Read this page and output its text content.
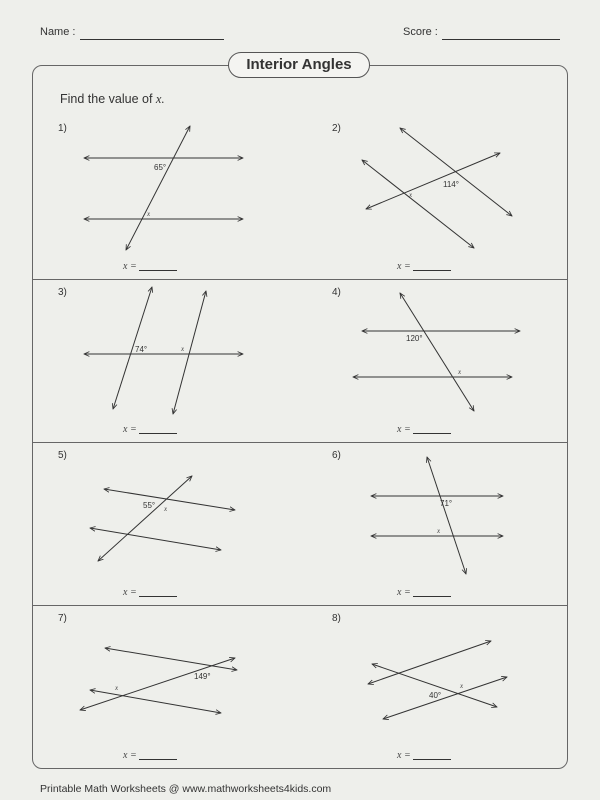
Name :	Score :
Interior Angles
Find the value of x.
1)	2)
3)	4)
5)	6)
7)	8)
x =	x =
x =	x =
x =	x =
x =	x =
65°
x
114°
x
74°	x
120°
x
55° x
71°
x
149°
x
40°
x
Printable Math Worksheets @ www.mathworksheets4kids.com
